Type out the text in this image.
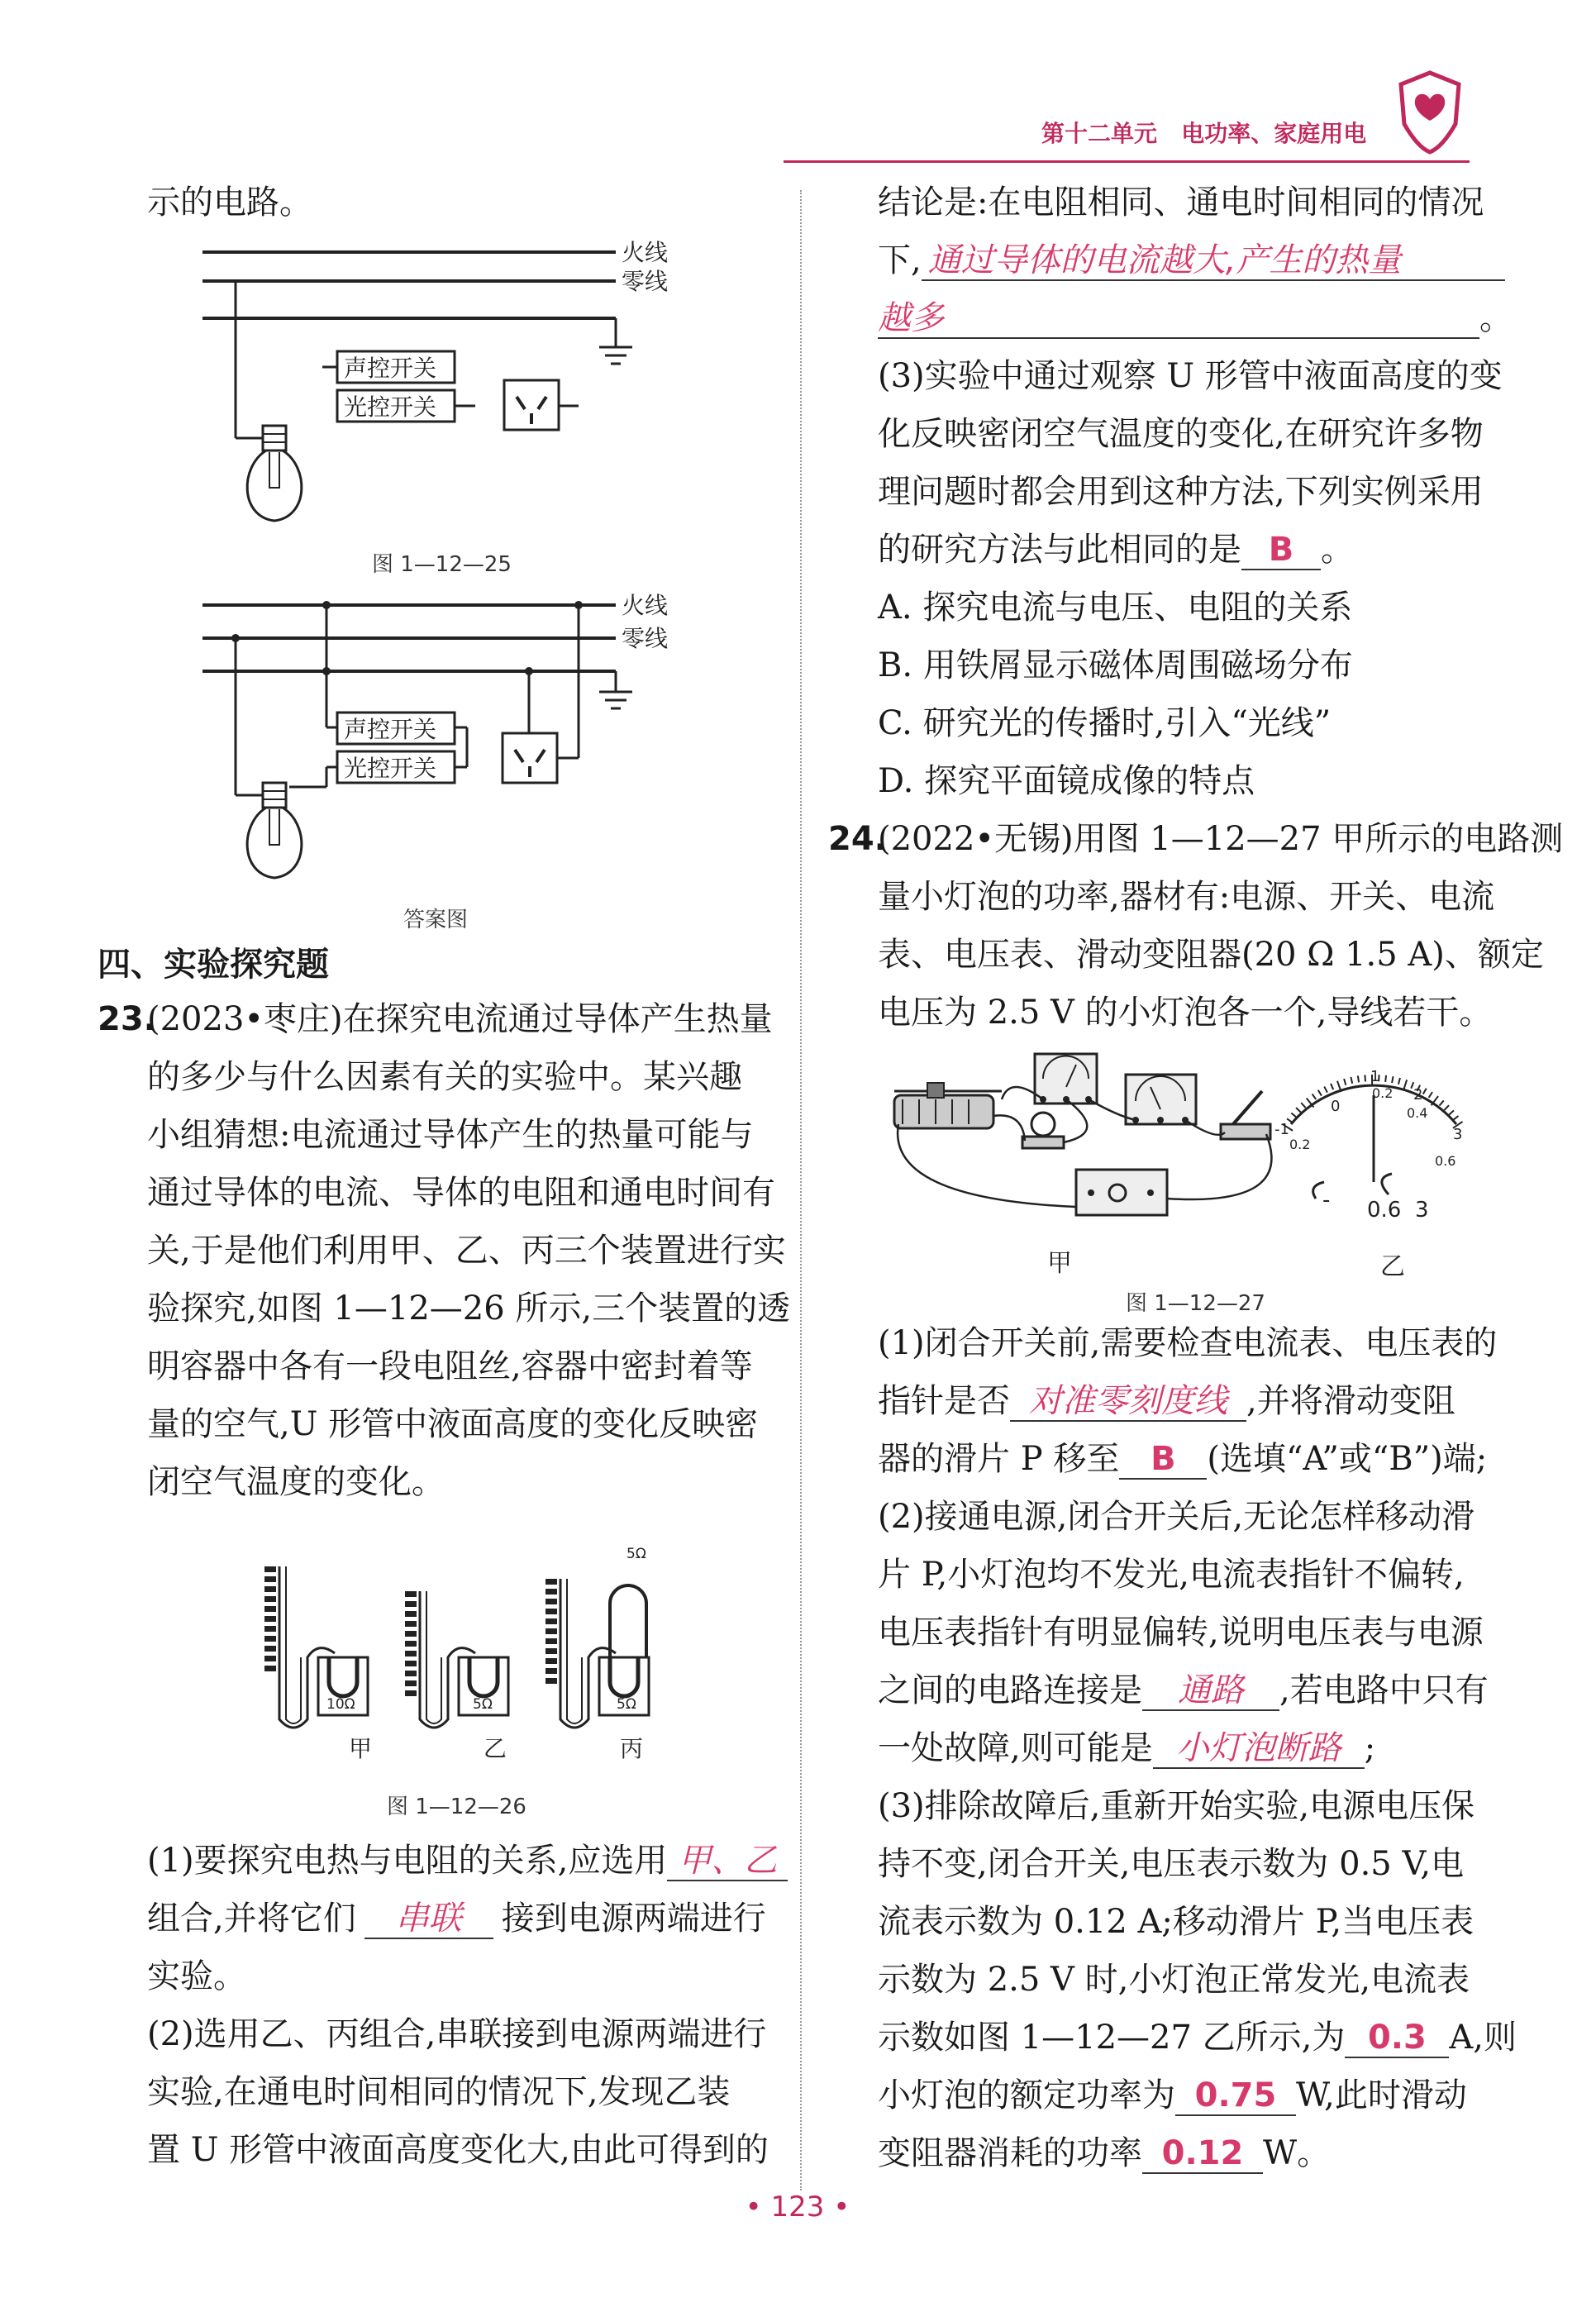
第十二单元 电功率、家庭用电
示的电路。
火线
零线
声控开关
光控开关
图 1—12—25
火线
零线
声控开关
光控开关
答案图
四、实验探究题
23.
(2023•枣庄)在探究电流通过导体产生热量
的多少与什么因素有关的实验中。某兴趣
小组猜想:电流通过导体产生的热量可能与
通过导体的电流、导体的电阻和通电时间有
关,于是他们利用甲、乙、丙三个装置进行实
验探究,如图 1—12—26 所示,三个装置的透
明容器中各有一段电阻丝,容器中密封着等
量的空气,U 形管中液面高度的变化反映密
闭空气温度的变化。
甲	乙	丙
10Ω	5Ω	5Ω
5Ω
图 1—12—26
(1)要探究电热与电阻的关系,应选用 甲、乙
组合,并将它们 串联 接到电源两端进行
实验。
(2)选用乙、丙组合,串联接到电源两端进行
实验,在通电时间相同的情况下,发现乙装
置 U 形管中液面高度变化大,由此可得到的
结论是:在电阻相同、通电时间相同的情况
下, 通过导体的电流越大,产生的热量
越多	。
(3)实验中通过观察 U 形管中液面高度的变
化反映密闭空气温度的变化,在研究许多物
理问题时都会用到这种方法,下列实例采用
的研究方法与此相同的是 B 。
A. 探究电流与电压、电阻的关系
B. 用铁屑显示磁体周围磁场分布
C. 研究光的传播时,引入“光线”
D. 探究平面镜成像的特点
24.
(2022•无锡)用图 1—12—27 甲所示的电路测
量小灯泡的功率,器材有:电源、开关、电流
表、电压表、滑动变阻器(20 Ω 1.5 A)、额定
电压为 2.5 V 的小灯泡各一个,导线若干。
甲
-1
0.2
0
1
2
3
0.2
0.4
0.6
- 0.6 3
乙
图 1—12—27
(1)闭合开关前,需要检查电流表、电压表的
指针是否 对准零刻度线 ,并将滑动变阻
器的滑片 P 移至 B (选填“A”或“B”)端;
(2)接通电源,闭合开关后,无论怎样移动滑
片 P,小灯泡均不发光,电流表指针不偏转,
电压表指针有明显偏转,说明电压表与电源
之间的电路连接是 通路 ,若电路中只有
一处故障,则可能是 小灯泡断路 ;
(3)排除故障后,重新开始实验,电源电压保
持不变,闭合开关,电压表示数为 0.5 V,电
流表示数为 0.12 A;移动滑片 P,当电压表
示数为 2.5 V 时,小灯泡正常发光,电流表
示数如图 1—12—27 乙所示,为 0.3 A,则
小灯泡的额定功率为 0.75 W,此时滑动
变阻器消耗的功率 0.12 W。
• 123 •
